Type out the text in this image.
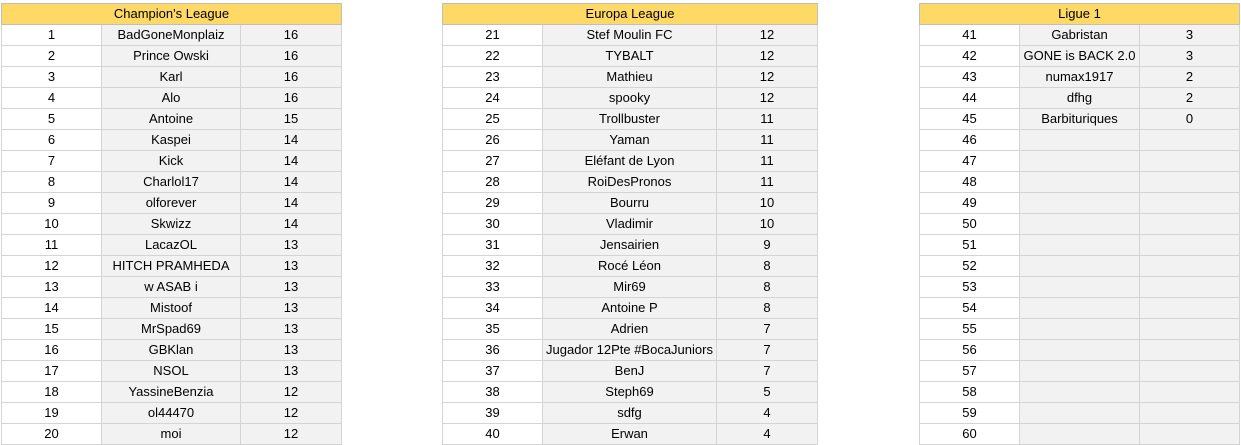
Champion's League		
1	BadGoneMonplaiz	16
2	Prince Owski	16
3	Karl	16
4	Alo	16
5	Antoine	15
6	Kaspei	14
7	Kick	14
8	Charlol17	14
9	olforever	14
10	Skwizz	14
11	LacazOL	13
12	HITCH PRAMHEDA	13
13	w ASAB i	13
14	Mistoof	13
15	MrSpad69	13
16	GBKlan	13
17	NSOL	13
18	YassineBenzia	12
19	ol44470	12
20	moi	12
Europa League		
21	Stef Moulin FC	12
22	TYBALT	12
23	Mathieu	12
24	spooky	12
25	Trollbuster	11
26	Yaman	11
27	Eléfant de Lyon	11
28	RoiDesPronos	11
29	Bourru	10
30	Vladimir	10
31	Jensairien	9
32	Rocé Léon	8
33	Mir69	8
34	Antoine P	8
35	Adrien	7
36	Jugador 12Pte #BocaJuniors	7
37	BenJ	7
38	Steph69	5
39	sdfg	4
40	Erwan	4
Ligue 1		
41	Gabristan	3
42	GONE is BACK 2.0	3
43	numax1917	2
44	dfhg	2
45	Barbituriques	0
46		
47		
48		
49		
50		
51		
52		
53		
54		
55		
56		
57		
58		
59		
60		
